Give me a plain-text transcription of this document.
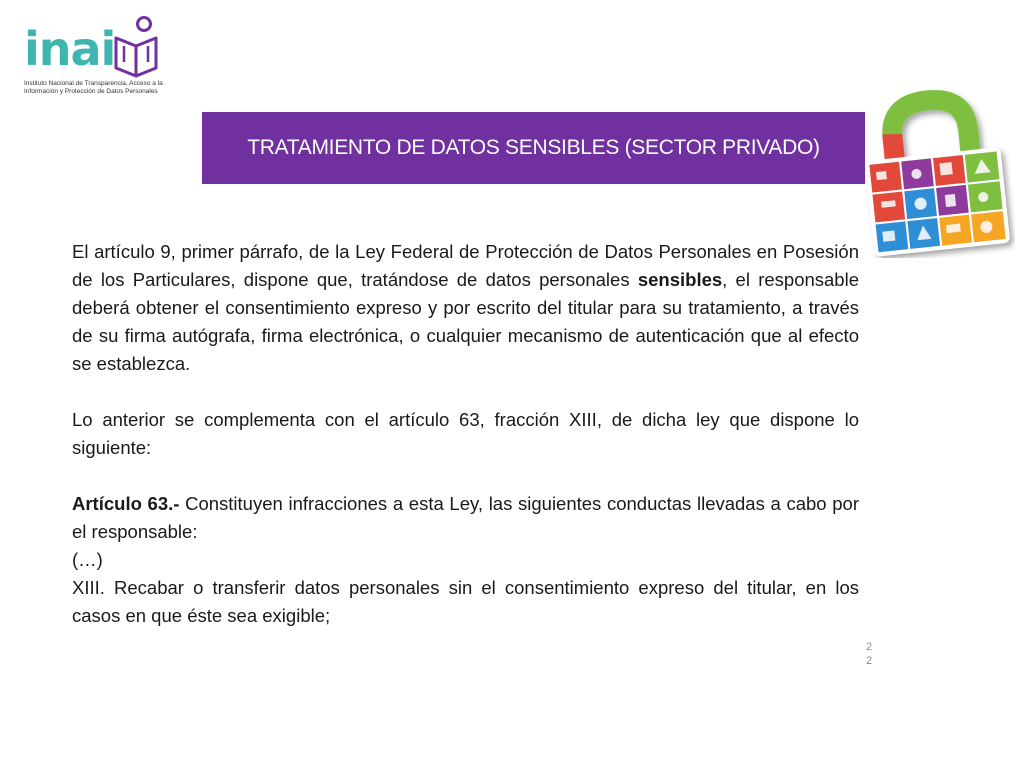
inai
Instituto Nacional de Transparencia, Acceso a la
Información y Protección de Datos Personales
TRATAMIENTO DE DATOS SENSIBLES (SECTOR PRIVADO)

El artículo 9, primer párrafo, de la Ley Federal de Protección de Datos Personales en Posesión de los Particulares, dispone que, tratándose de datos personales sensibles, el responsable deberá obtener el consentimiento expreso y por escrito del titular para su tratamiento, a través de su firma autógrafa, firma electrónica, o cualquier mecanismo de autenticación que al efecto se establezca.

Lo anterior se complementa con el artículo 63, fracción XIII, de dicha ley que dispone lo siguiente:

Artículo 63.- Constituyen infracciones a esta Ley, las siguientes conductas llevadas a cabo por el responsable:

(…)

XIII. Recabar o transferir datos personales sin el consentimiento expreso del titular, en los casos en que éste sea exigible;

22
